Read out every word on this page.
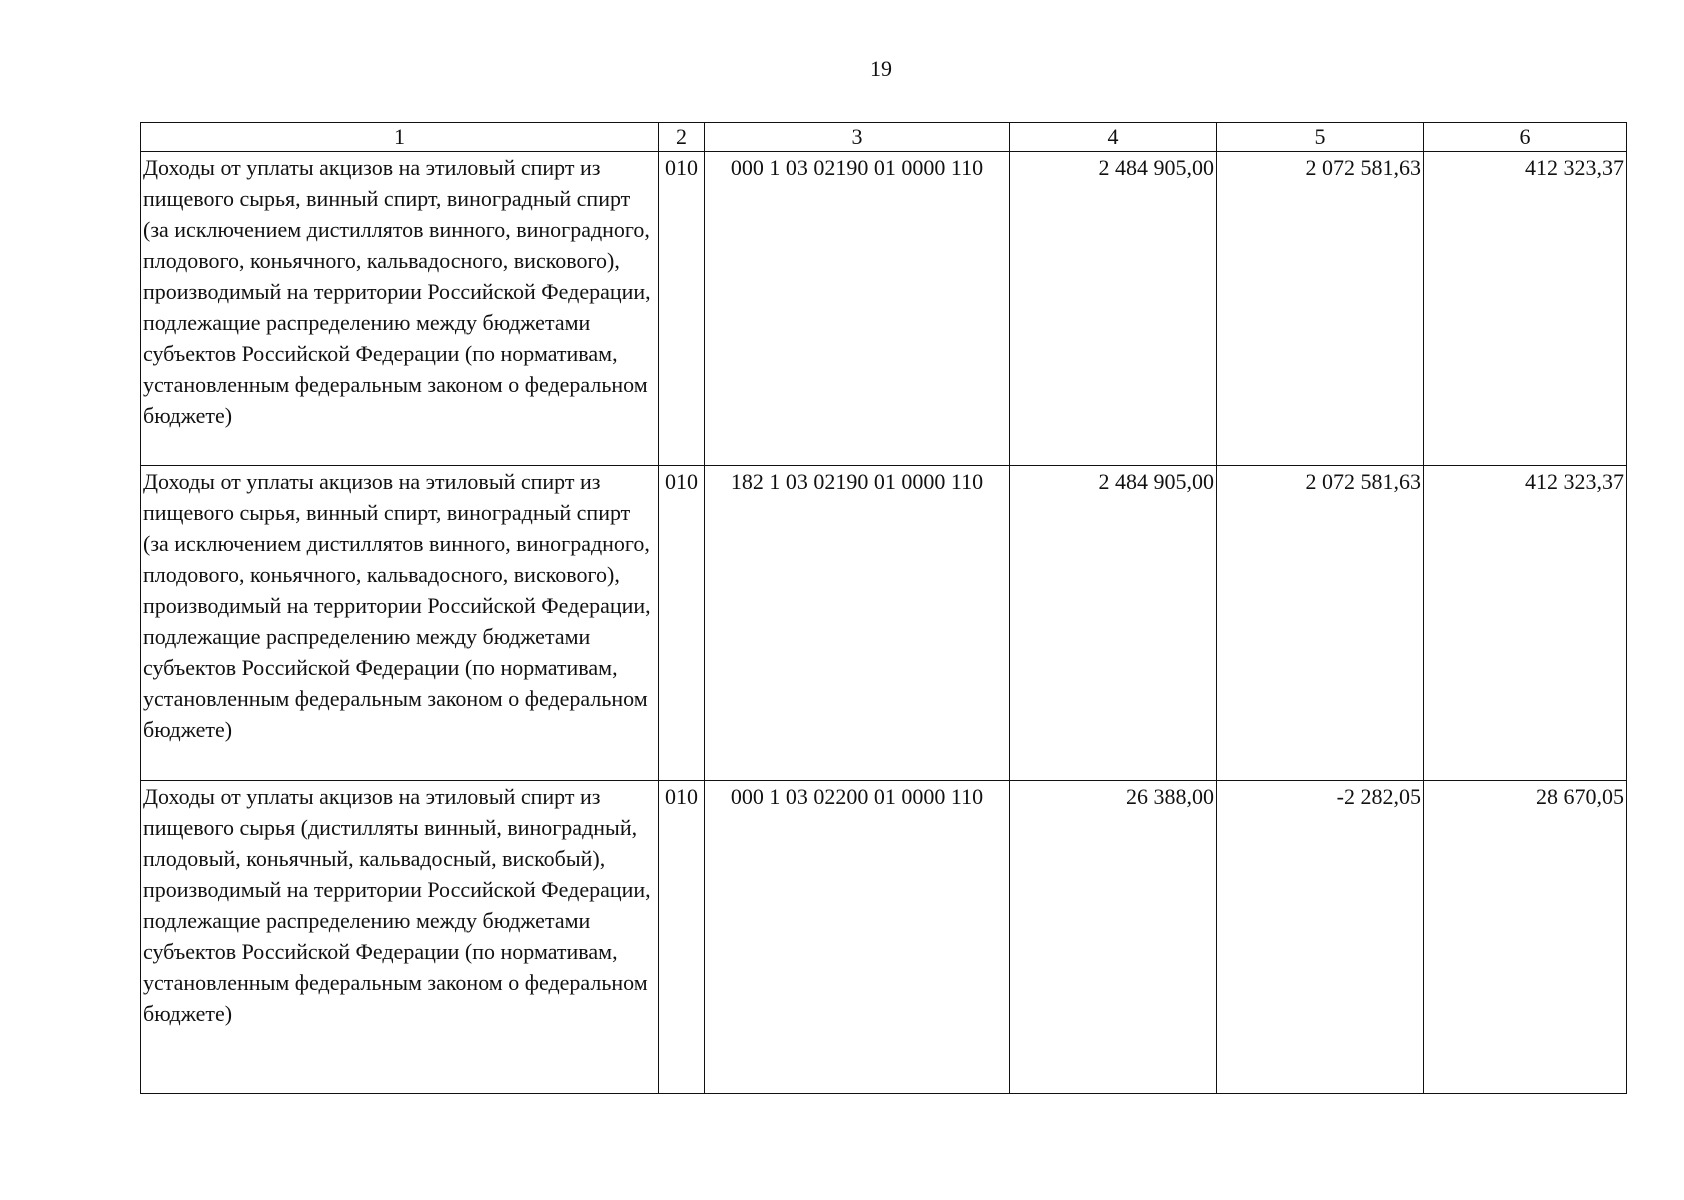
19
1	2	3	4	5	6
Доходы от уплаты акцизов на этиловый спирт из пищевого сырья, винный спирт, виноградный спирт (за исключением дистиллятов винного, виноградного, плодового, коньячного, кальвадосного, вискового), производимый на территории Российской Федерации, подлежащие распределению между бюджетами субъектов Российской Федерации (по нормативам, установленным федеральным законом о федеральном бюджете)	010	000 1 03 02190 01 0000 110	2 484 905,00	2 072 581,63	412 323,37
Доходы от уплаты акцизов на этиловый спирт из пищевого сырья, винный спирт, виноградный спирт (за исключением дистиллятов винного, виноградного, плодового, коньячного, кальвадосного, вискового), производимый на территории Российской Федерации, подлежащие распределению между бюджетами субъектов Российской Федерации (по нормативам, установленным федеральным законом о федеральном бюджете)	010	182 1 03 02190 01 0000 110	2 484 905,00	2 072 581,63	412 323,37
Доходы от уплаты акцизов на этиловый спирт из пищевого сырья (дистилляты винный, виноградный, плодовый, коньячный, кальвадосный, вискобый), производимый на территории Российской Федерации, подлежащие распределению между бюджетами субъектов Российской Федерации (по нормативам, установленным федеральным законом о федеральном бюджете)	010	000 1 03 02200 01 0000 110	26 388,00	-2 282,05	28 670,05
